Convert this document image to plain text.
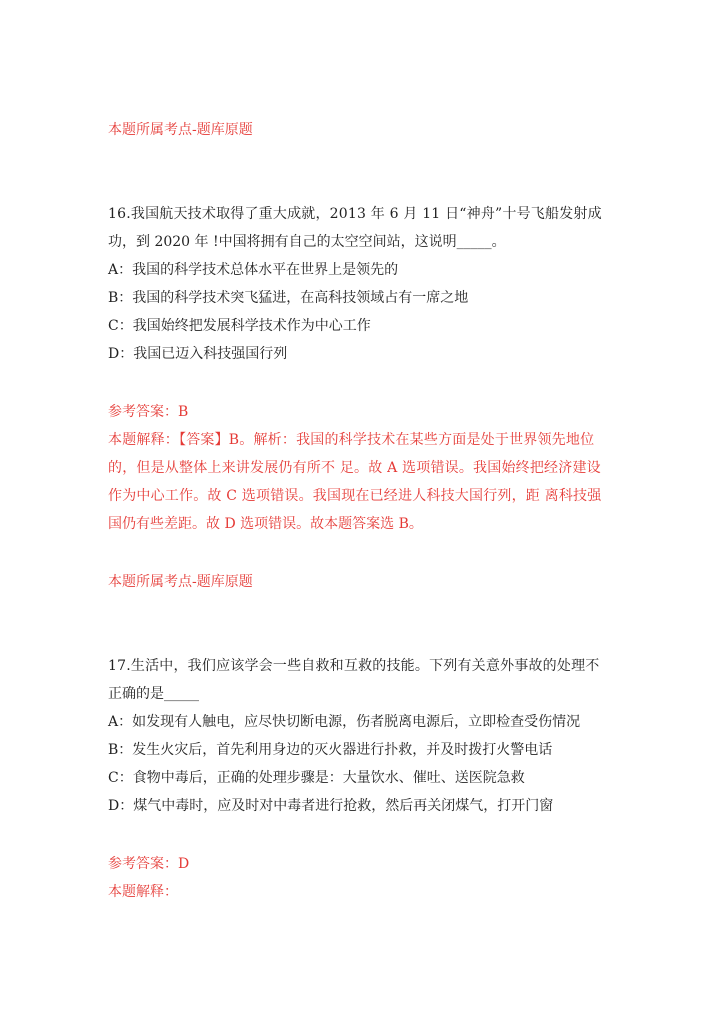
本题所属考点-题库原题
16.我国航天技术取得了重大成就，2013 年 6 月 11 日“神舟”十号飞船发射成
功，到 2020 年 !中国将拥有自己的太空空间站，这说明_____。
A：我国的科学技术总体水平在世界上是领先的
B：我国的科学技术突飞猛进，在高科技领域占有一席之地
C：我国始终把发展科学技术作为中心工作
D：我国已迈入科技强国行列
参考答案：B
本题解释：【答案】B。解析：我国的科学技术在某些方面是处于世界领先地位
的，但是从整体上来讲发展仍有所不 足。故 A 选项错误。我国始终把经济建设
作为中心工作。故 C 选项错误。我国现在已经进人科技大国行列，距 离科技强
国仍有些差距。故 D 选项错误。故本题答案选 B。
本题所属考点-题库原题
17.生活中，我们应该学会一些自救和互救的技能。下列有关意外事故的处理不
正确的是_____
A：如发现有人触电，应尽快切断电源，伤者脱离电源后，立即检查受伤情况
B：发生火灾后，首先利用身边的灭火器进行扑救，并及时拨打火警电话
C：食物中毒后，正确的处理步骤是：大量饮水、催吐、送医院急救
D：煤气中毒时，应及时对中毒者进行抢救，然后再关闭煤气，打开门窗
参考答案：D
本题解释：
